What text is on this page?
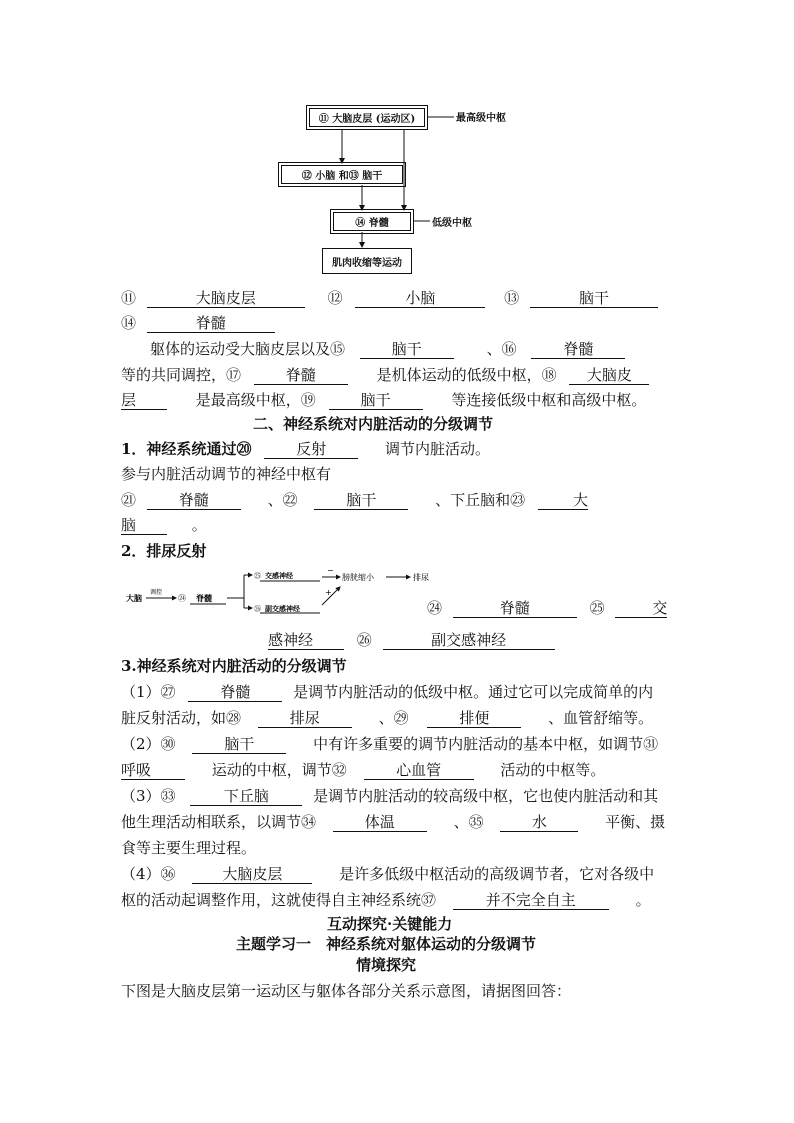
⑪ 大脑皮层 (运动区)	最高级中枢
⑫ 小脑 和⑬ 脑干
⑭ 脊髓	低级中枢
肌肉收缩等运动
⑪	大脑皮层	⑫	小脑	⑬	脑干
⑭	脊髓
躯体的运动受大脑皮层以及⑮	脑干	、⑯	脊髓
等的共同调控，⑰	脊髓	是机体运动的低级中枢，⑱ 大脑皮
层	是最高级中枢，⑲	脑干	等连接低级中枢和高级中枢。
二、神经系统对内脏活动的分级调节
1．神经系统通过⑳	反射	调节内脏活动。
参与内脏活动调节的神经中枢有
㉑	脊髓	、㉒	脑干	、下丘脑和㉓	大
脑	。
2．排尿反射
大脑
调控
㉔ 脊髓
㉕ 交感神经
㉖ 副交感神经
−
+
膀胱缩小	排尿
㉔	脊髓	㉕	交
感神经	㉖	副交感神经
3.神经系统对内脏活动的分级调节
（1）㉗	脊髓	是调节内脏活动的低级中枢。通过它可以完成简单的内
脏反射活动，如㉘	排尿	、㉙	排便	、血管舒缩等。
（2）㉚	脑干	中有许多重要的调节内脏活动的基本中枢，如调节㉛
呼吸	运动的中枢，调节㉜	心血管	活动的中枢等。
（3）㉝	下丘脑	是调节内脏活动的较高级中枢，它也使内脏活动和其
他生理活动相联系，以调节㉞	体温	、㉟	水	平衡、摄
食等主要生理过程。
（4）㊱	大脑皮层	是许多低级中枢活动的高级调节者，它对各级中
枢的活动起调整作用，这就使得自主神经系统㊲	并不完全自主	。
互动探究·关键能力
主题学习一　神经系统对躯体运动的分级调节
情境探究
下图是大脑皮层第一运动区与躯体各部分关系示意图，请据图回答：
